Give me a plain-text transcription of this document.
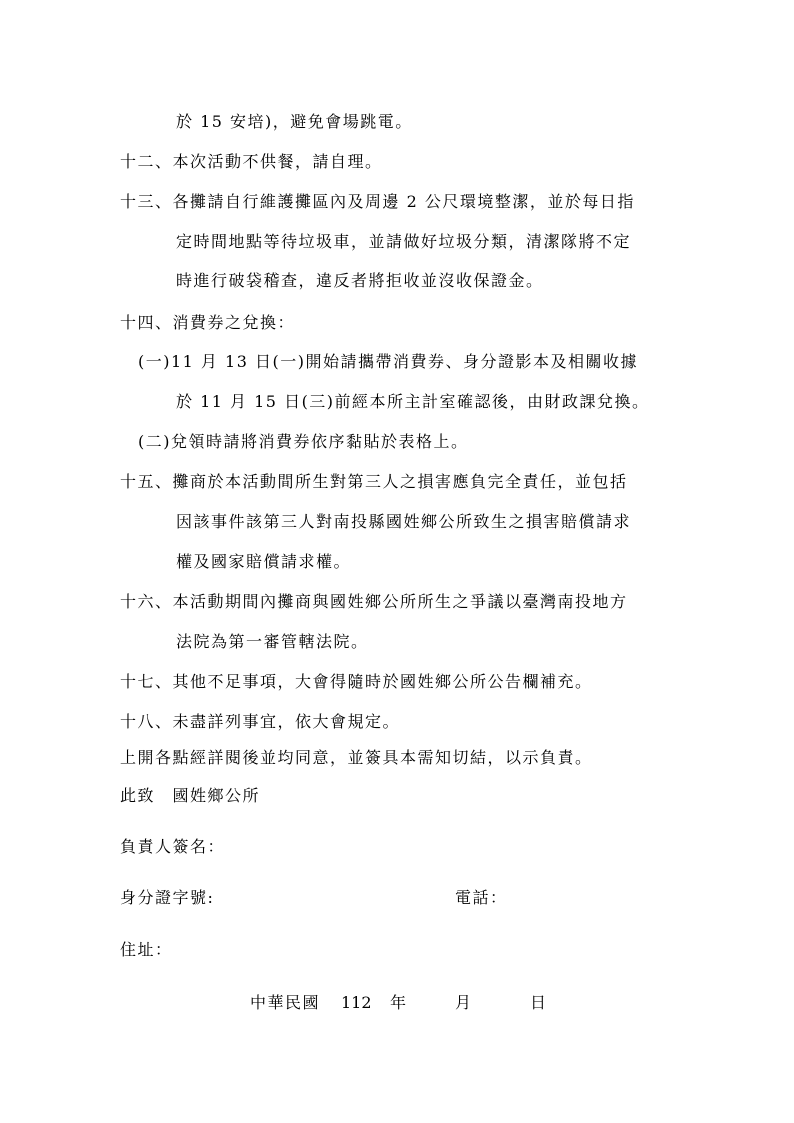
於 15 安培)，避免會場跳電。
十二、本次活動不供餐，請自理。
十三、各攤請自行維護攤區內及周邊 2 公尺環境整潔，並於每日指
定時間地點等待垃圾車，並請做好垃圾分類，清潔隊將不定
時進行破袋稽查，違反者將拒收並沒收保證金。
十四、消費券之兌換：
(一)11 月 13 日(一)開始請攜帶消費券、身分證影本及相關收據
於 11 月 15 日(三)前經本所主計室確認後，由財政課兌換。
(二)兌領時請將消費券依序黏貼於表格上。
十五、攤商於本活動間所生對第三人之損害應負完全責任，並包括
因該事件該第三人對南投縣國姓鄉公所致生之損害賠償請求
權及國家賠償請求權。
十六、本活動期間內攤商與國姓鄉公所所生之爭議以臺灣南投地方
法院為第一審管轄法院。
十七、其他不足事項，大會得隨時於國姓鄉公所公告欄補充。
十八、未盡詳列事宜，依大會規定。
上開各點經詳閱後並均同意，並簽具本需知切結，以示負責。
此致　國姓鄉公所
負責人簽名：
身分證字號:	電話：
住址：
中華民國 112 年	月	日
